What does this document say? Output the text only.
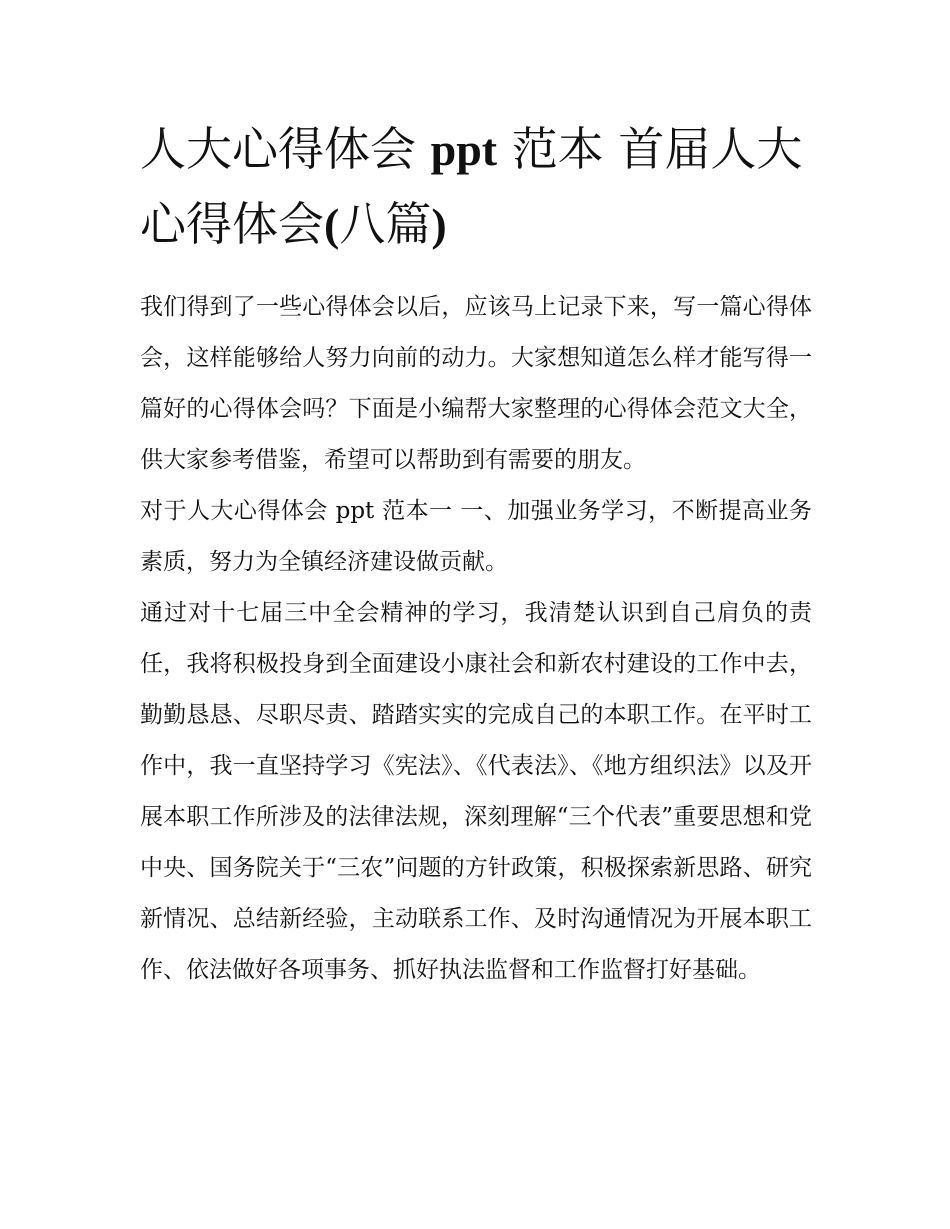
人大心得体会 ppt 范本 首届人大心得体会(八篇)

我们得到了一些心得体会以后，应该马上记录下来，写一篇心得体会，这样能够给人努力向前的动力。大家想知道怎么样才能写得一篇好的心得体会吗？下面是小编帮大家整理的心得体会范文大全，供大家参考借鉴，希望可以帮助到有需要的朋友。

对于人大心得体会 ppt 范本一 一、加强业务学习，不断提高业务素质，努力为全镇经济建设做贡献。

通过对十七届三中全会精神的学习，我清楚认识到自己肩负的责任，我将积极投身到全面建设小康社会和新农村建设的工作中去，勤勤恳恳、尽职尽责、踏踏实实的完成自己的本职工作。在平时工作中，我一直坚持学习《宪法》、《代表法》、《地方组织法》以及开展本职工作所涉及的法律法规，深刻理解“三个代表”重要思想和党中央、国务院关于“三农”问题的方针政策，积极探索新思路、研究新情况、总结新经验，主动联系工作、及时沟通情况为开展本职工作、依法做好各项事务、抓好执法监督和工作监督打好基础。
